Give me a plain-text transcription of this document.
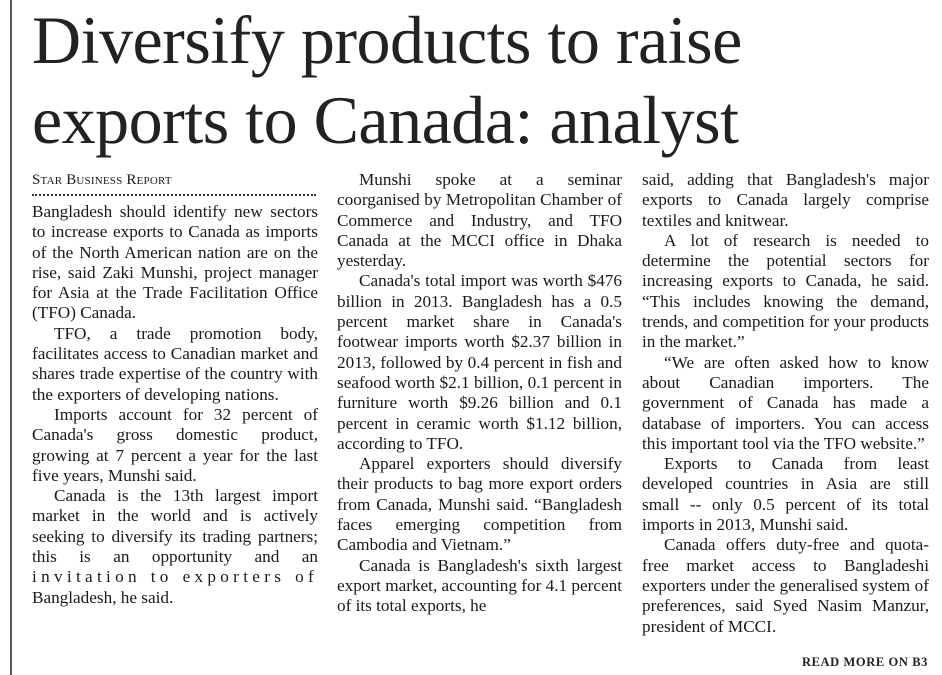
Diversify products to raise
exports to Canada: analyst
Star Business Report

Bangladesh should identify new sectors to increase exports to Canada as imports of the North American nation are on the rise, said Zaki Munshi, project manager for Asia at the Trade Facilitation Office (TFO) Canada.

TFO, a trade promotion body, facilitates access to Canadian market and shares trade expertise of the country with the exporters of developing nations.

Imports account for 32 percent of Canada's gross domestic product, growing at 7 percent a year for the last five years, Munshi said.

Canada is the 13th largest import market in the world and is actively seeking to diversify its trading partners; this is an opportunity and an invitation to exporters of Bangladesh, he said.

Munshi spoke at a seminar coorganised by Metropolitan Chamber of Commerce and Industry, and TFO Canada at the MCCI office in Dhaka yesterday.

Canada's total import was worth $476 billion in 2013. Bangladesh has a 0.5 percent market share in Canada's footwear imports worth $2.37 billion in 2013, followed by 0.4 percent in fish and seafood worth $2.1 billion, 0.1 percent in furniture worth $9.26 billion and 0.1 percent in ceramic worth $1.12 billion, according to TFO.

Apparel exporters should diversify their products to bag more export orders from Canada, Munshi said. “Bangladesh faces emerging competition from Cambodia and Vietnam.”

Canada is Bangladesh's sixth largest export market, accounting for 4.1 percent of its total exports, he

said, adding that Bangladesh's major exports to Canada largely comprise textiles and knitwear.

A lot of research is needed to determine the potential sectors for increasing exports to Canada, he said. “This includes knowing the demand, trends, and competition for your products in the market.”

“We are often asked how to know about Canadian importers. The government of Canada has made a database of importers. You can access this important tool via the TFO website.”

Exports to Canada from least developed countries in Asia are still small -- only 0.5 percent of its total imports in 2013, Munshi said.

Canada offers duty-free and quota-free market access to Bangladeshi exporters under the generalised system of preferences, said Syed Nasim Manzur, president of MCCI.

READ MORE ON B3
